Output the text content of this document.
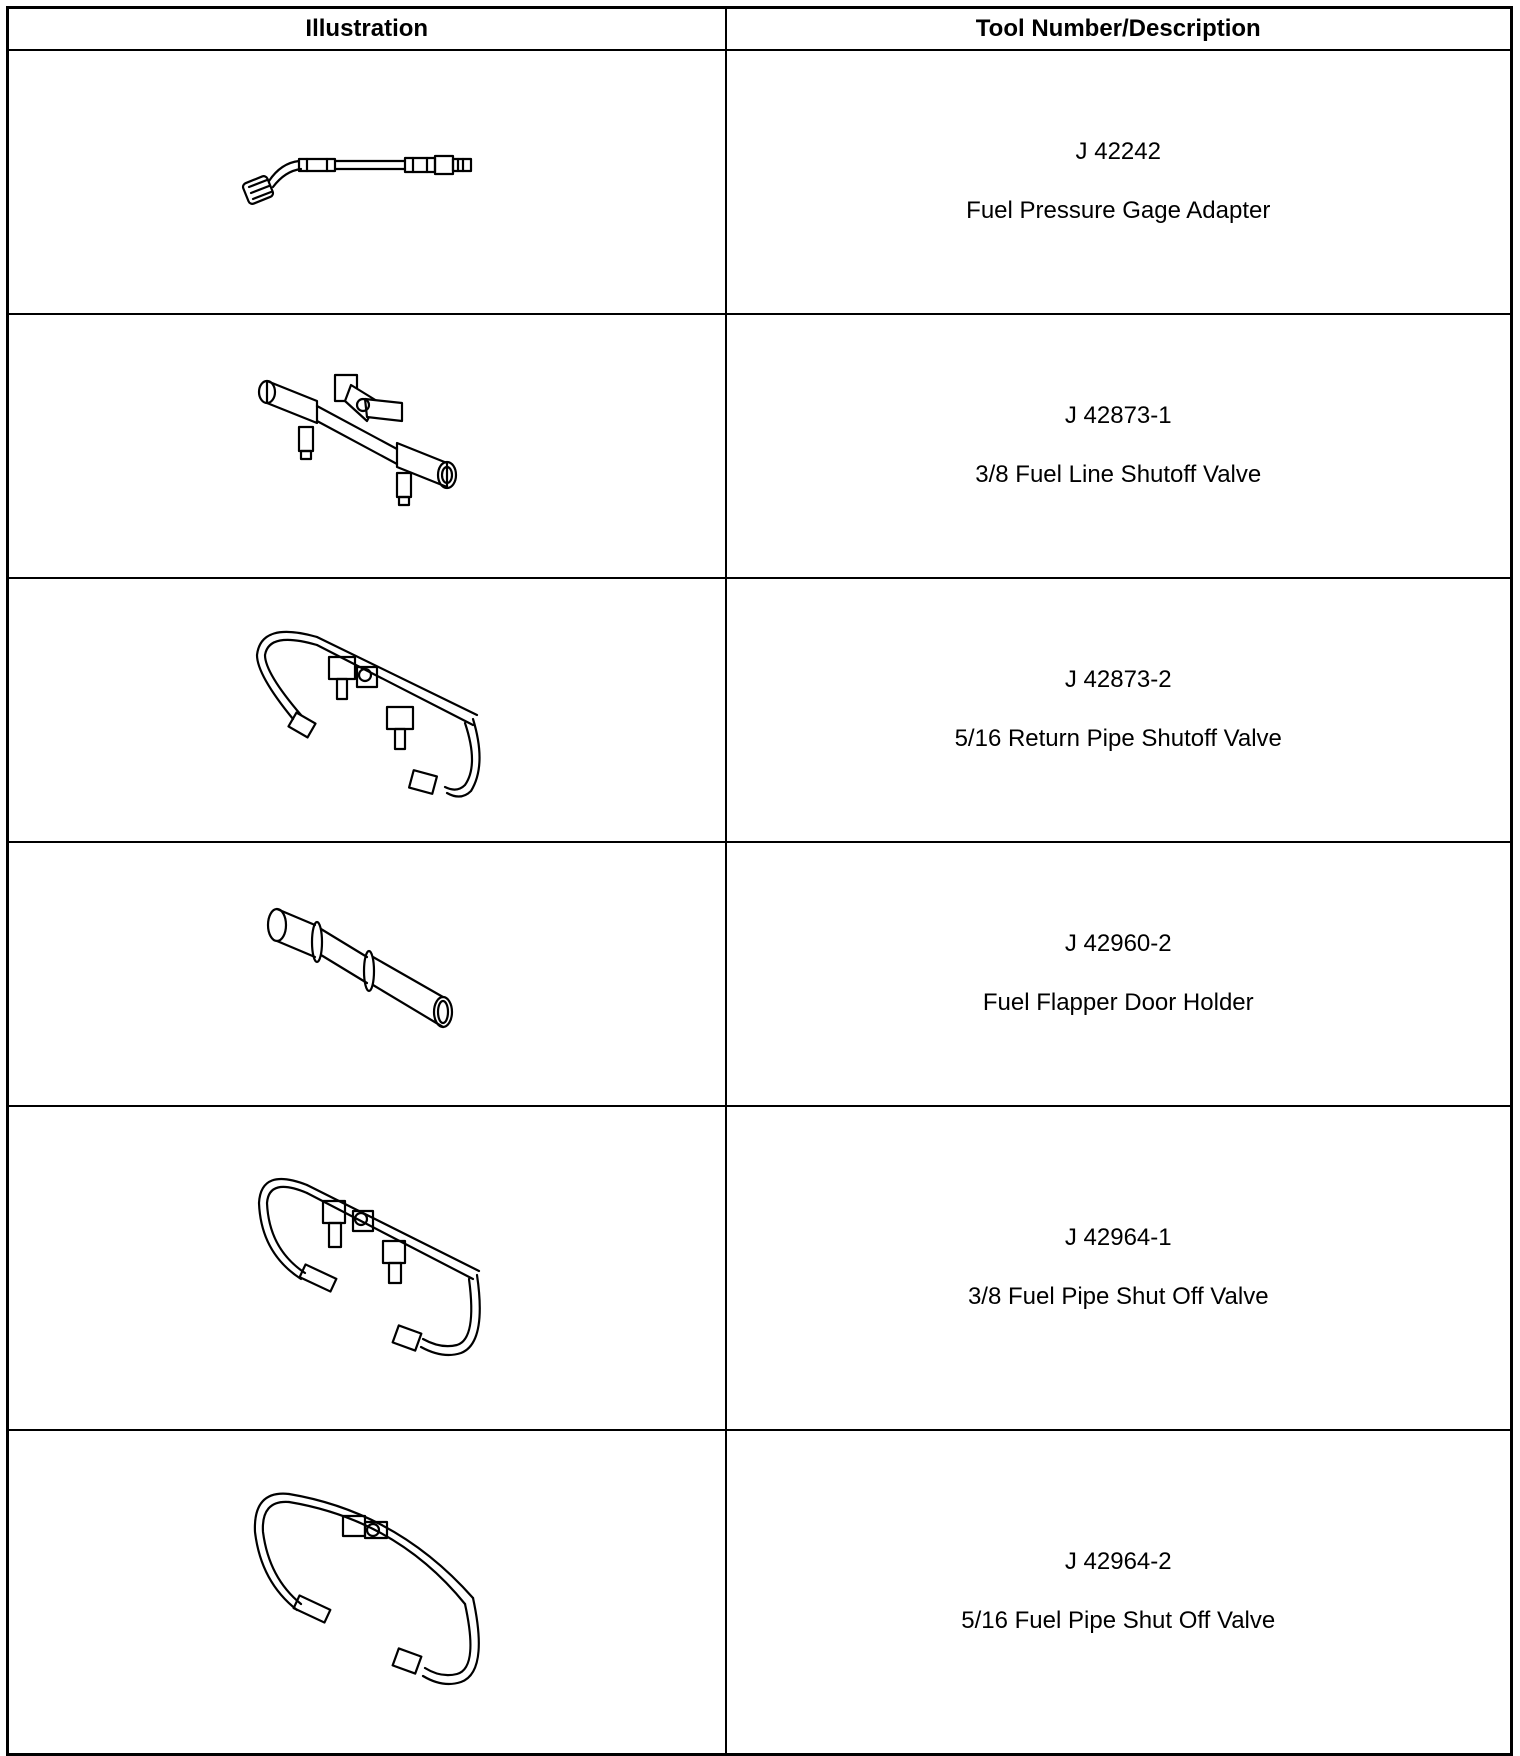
Illustration	Tool Number/Description

J 42242
Fuel Pressure Gage Adapter

J 42873-1
3/8 Fuel Line Shutoff Valve

J 42873-2
5/16 Return Pipe Shutoff Valve

J 42960-2
Fuel Flapper Door Holder

J 42964-1
3/8 Fuel Pipe Shut Off Valve

J 42964-2
5/16 Fuel Pipe Shut Off Valve
